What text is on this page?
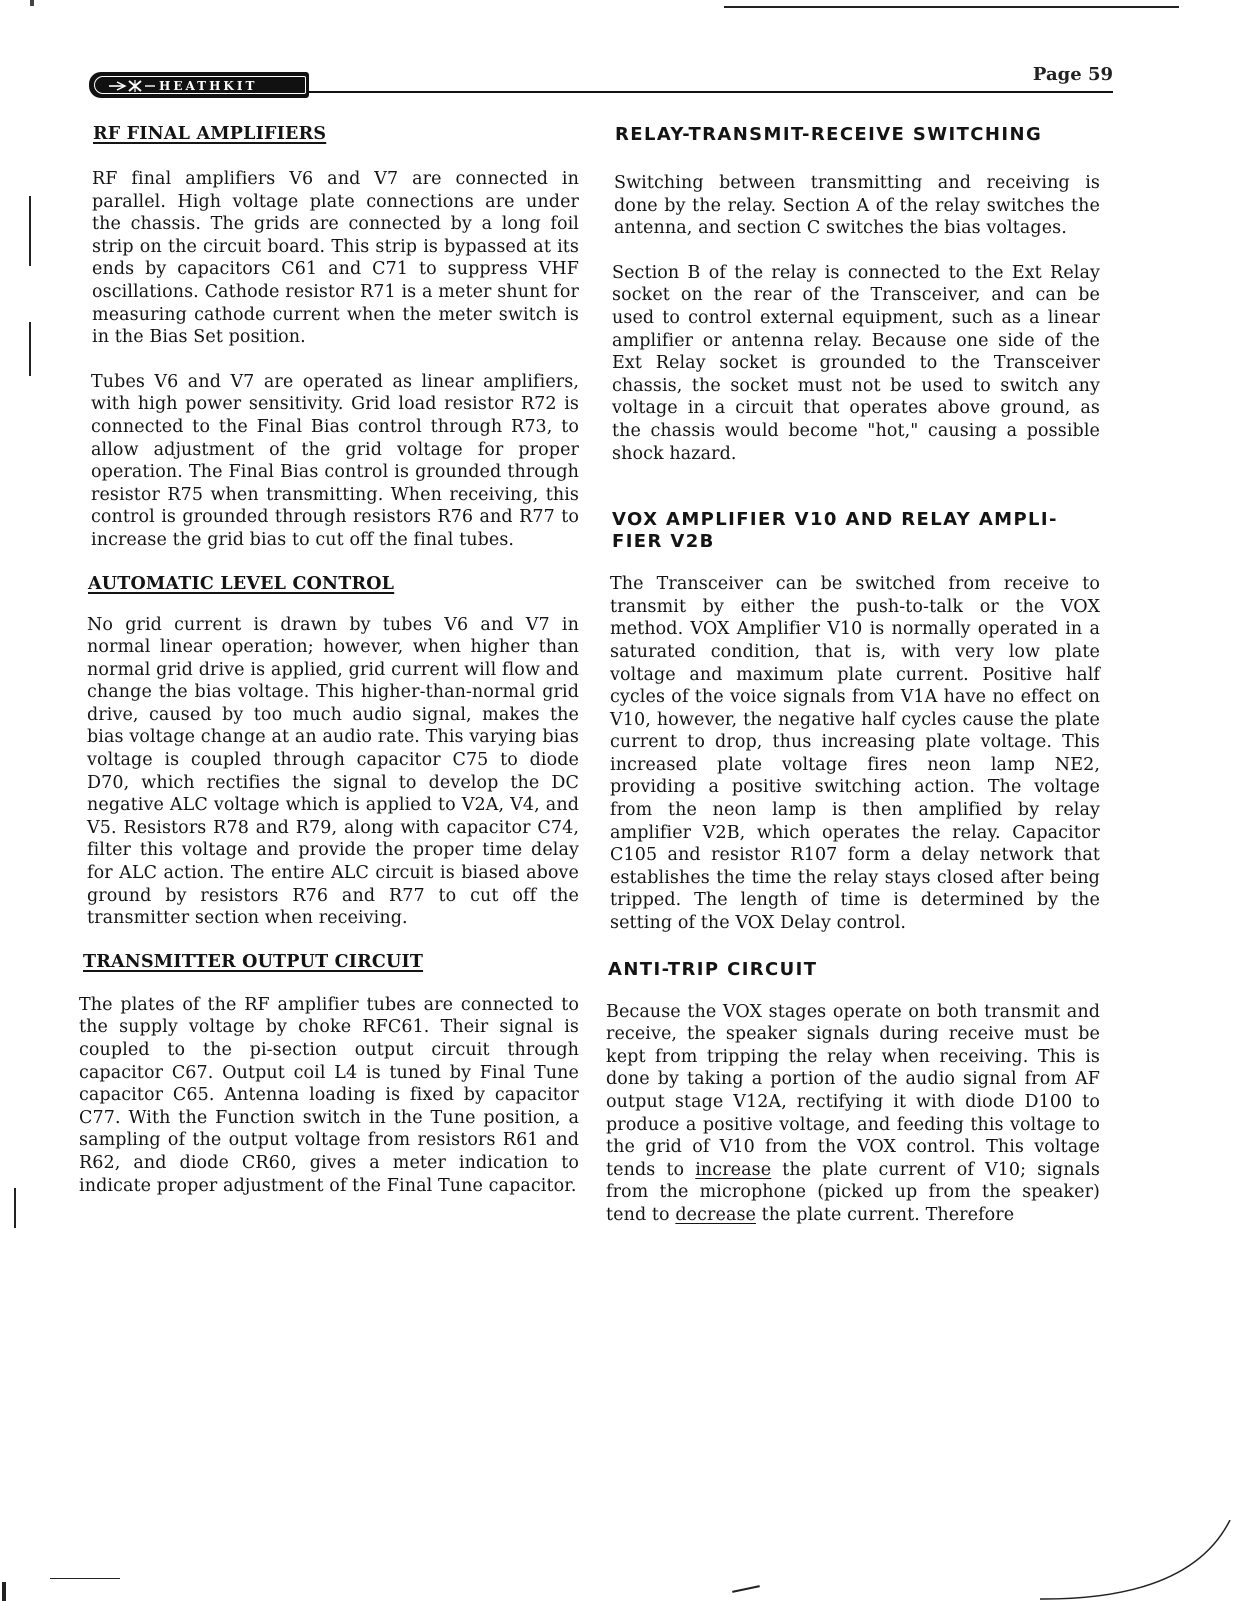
HEATHKIT
Page 59
RF FINAL AMPLIFIERS

RF final amplifiers V6 and V7 are connected in parallel. High voltage plate connections are under the chassis. The grids are connected by a long foil strip on the circuit board. This strip is bypassed at its ends by capacitors C61 and C71 to suppress VHF oscillations. Cathode resistor R71 is a meter shunt for measuring cathode current when the meter switch is in the Bias Set position.

Tubes V6 and V7 are operated as linear amplifiers, with high power sensitivity. Grid load resistor R72 is connected to the Final Bias control through R73, to allow adjustment of the grid voltage for proper operation. The Final Bias control is grounded through resistor R75 when transmitting. When receiving, this control is grounded through resistors R76 and R77 to increase the grid bias to cut off the final tubes.

AUTOMATIC LEVEL CONTROL

No grid current is drawn by tubes V6 and V7 in normal linear operation; however, when higher than normal grid drive is applied, grid current will flow and change the bias voltage. This higher-than-normal grid drive, caused by too much audio signal, makes the bias voltage change at an audio rate. This varying bias voltage is coupled through capacitor C75 to diode D70, which rectifies the signal to develop the DC negative ALC voltage which is applied to V2A, V4, and V5. Resistors R78 and R79, along with capacitor C74, filter this voltage and provide the proper time delay for ALC action. The entire ALC circuit is biased above ground by resistors R76 and R77 to cut off the transmitter section when receiving.

TRANSMITTER OUTPUT CIRCUIT

The plates of the RF amplifier tubes are connected to the supply voltage by choke RFC61. Their signal is coupled to the pi-section output circuit through capacitor C67. Output coil L4 is tuned by Final Tune capacitor C65. Antenna loading is fixed by capacitor C77. With the Function switch in the Tune position, a sampling of the output voltage from resistors R61 and R62, and diode CR60, gives a meter indication to indicate proper adjustment of the Final Tune capacitor.

RELAY-TRANSMIT-RECEIVE SWITCHING

Switching between transmitting and receiving is done by the relay. Section A of the relay switches the antenna, and section C switches the bias voltages.

Section B of the relay is connected to the Ext Relay socket on the rear of the Transceiver, and can be used to control external equipment, such as a linear amplifier or antenna relay. Because one side of the Ext Relay socket is grounded to the Transceiver chassis, the socket must not be used to switch any voltage in a circuit that operates above ground, as the chassis would become "hot," causing a possible shock hazard.

VOX AMPLIFIER V10 AND RELAY AMPLI-
FIER V2B

The Transceiver can be switched from receive to transmit by either the push-to-talk or the VOX method. VOX Amplifier V10 is normally operated in a saturated condition, that is, with very low plate voltage and maximum plate current. Positive half cycles of the voice signals from V1A have no effect on V10, however, the negative half cycles cause the plate current to drop, thus increasing plate voltage. This increased plate voltage fires neon lamp NE2, providing a positive switching action. The voltage from the neon lamp is then amplified by relay amplifier V2B, which operates the relay. Capacitor C105 and resistor R107 form a delay network that establishes the time the relay stays closed after being tripped. The length of time is determined by the setting of the VOX Delay control.

ANTI-TRIP CIRCUIT

Because the VOX stages operate on both transmit and receive, the speaker signals during receive must be kept from tripping the relay when receiving. This is done by taking a portion of the audio signal from AF output stage V12A, rectifying it with diode D100 to produce a positive voltage, and feeding this voltage to the grid of V10 from the VOX control. This voltage tends to increase the plate current of V10; signals from the microphone (picked up from the speaker) tend to decrease the plate current. Therefore
